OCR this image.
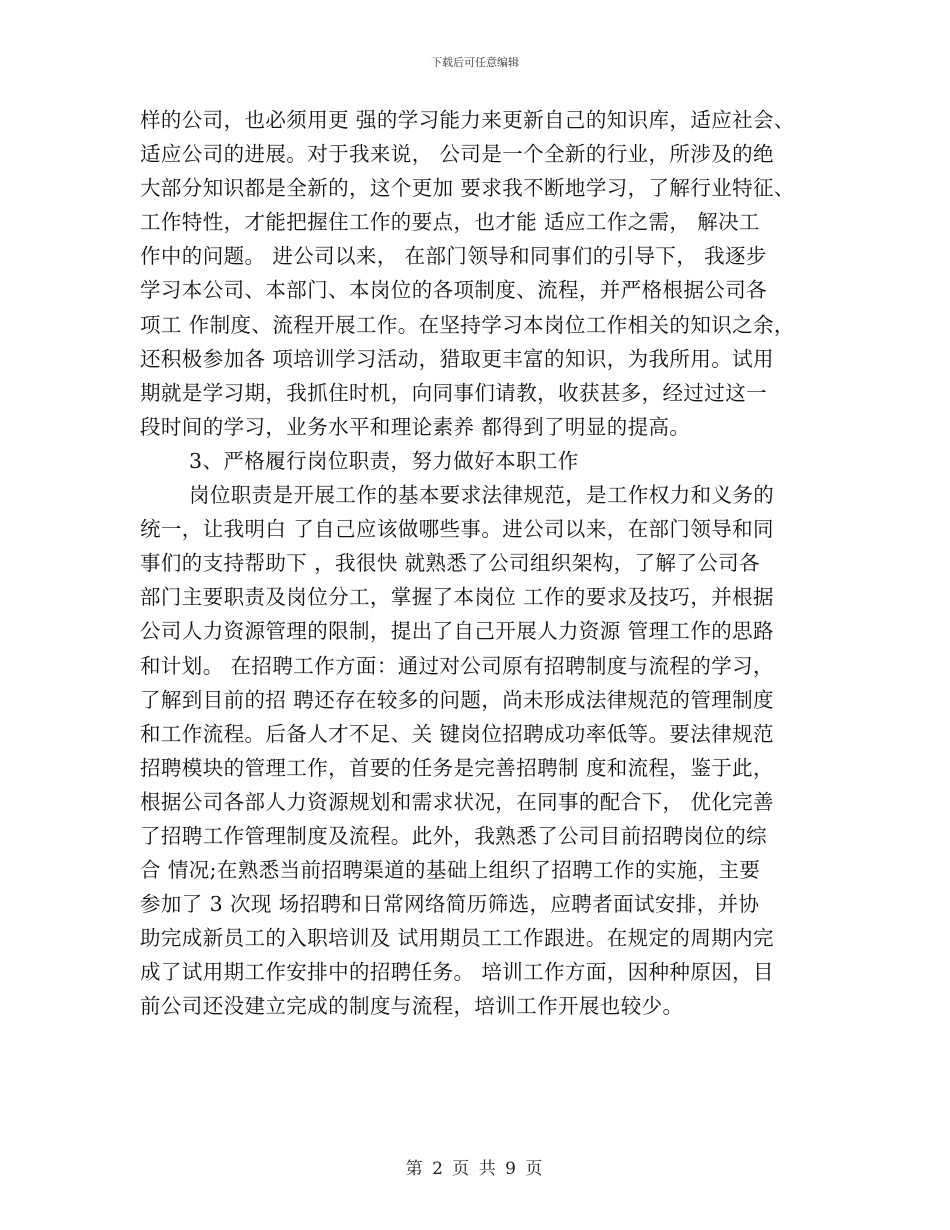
下载后可任意编辑
样的公司，也必须用更 强的学习能力来更新自己的知识库，适应社会、
适应公司的进展。对于我来说， 公司是一个全新的行业，所涉及的绝
大部分知识都是全新的，这个更加 要求我不断地学习，了解行业特征、
工作特性，才能把握住工作的要点，也才能 适应工作之需， 解决工
作中的问题。 进公司以来， 在部门领导和同事们的引导下， 我逐步
学习本公司、本部门、本岗位的各项制度、流程，并严格根据公司各
项工 作制度、流程开展工作。在坚持学习本岗位工作相关的知识之余，
还积极参加各 项培训学习活动，猎取更丰富的知识，为我所用。试用
期就是学习期，我抓住时机，向同事们请教，收获甚多，经过过这一
段时间的学习，业务水平和理论素养 都得到了明显的提高。
3、严格履行岗位职责，努力做好本职工作
岗位职责是开展工作的基本要求法律规范，是工作权力和义务的
统一，让我明白 了自己应该做哪些事。进公司以来，在部门领导和同
事们的支持帮助下 ，我很快 就熟悉了公司组织架构，了解了公司各
部门主要职责及岗位分工，掌握了本岗位 工作的要求及技巧，并根据
公司人力资源管理的限制，提出了自己开展人力资源 管理工作的思路
和计划。 在招聘工作方面：通过对公司原有招聘制度与流程的学习，
了解到目前的招 聘还存在较多的问题，尚未形成法律规范的管理制度
和工作流程。后备人才不足、关 键岗位招聘成功率低等。要法律规范
招聘模块的管理工作，首要的任务是完善招聘制 度和流程，鉴于此，
根据公司各部人力资源规划和需求状况，在同事的配合下， 优化完善
了招聘工作管理制度及流程。此外，我熟悉了公司目前招聘岗位的综
合 情况;在熟悉当前招聘渠道的基础上组织了招聘工作的实施，主要
参加了 3 次现 场招聘和日常网络简历筛选，应聘者面试安排，并协
助完成新员工的入职培训及 试用期员工工作跟进。在规定的周期内完
成了试用期工作安排中的招聘任务。 培训工作方面，因种种原因，目
前公司还没建立完成的制度与流程，培训工作开展也较少。
第 2 页 共 9 页
